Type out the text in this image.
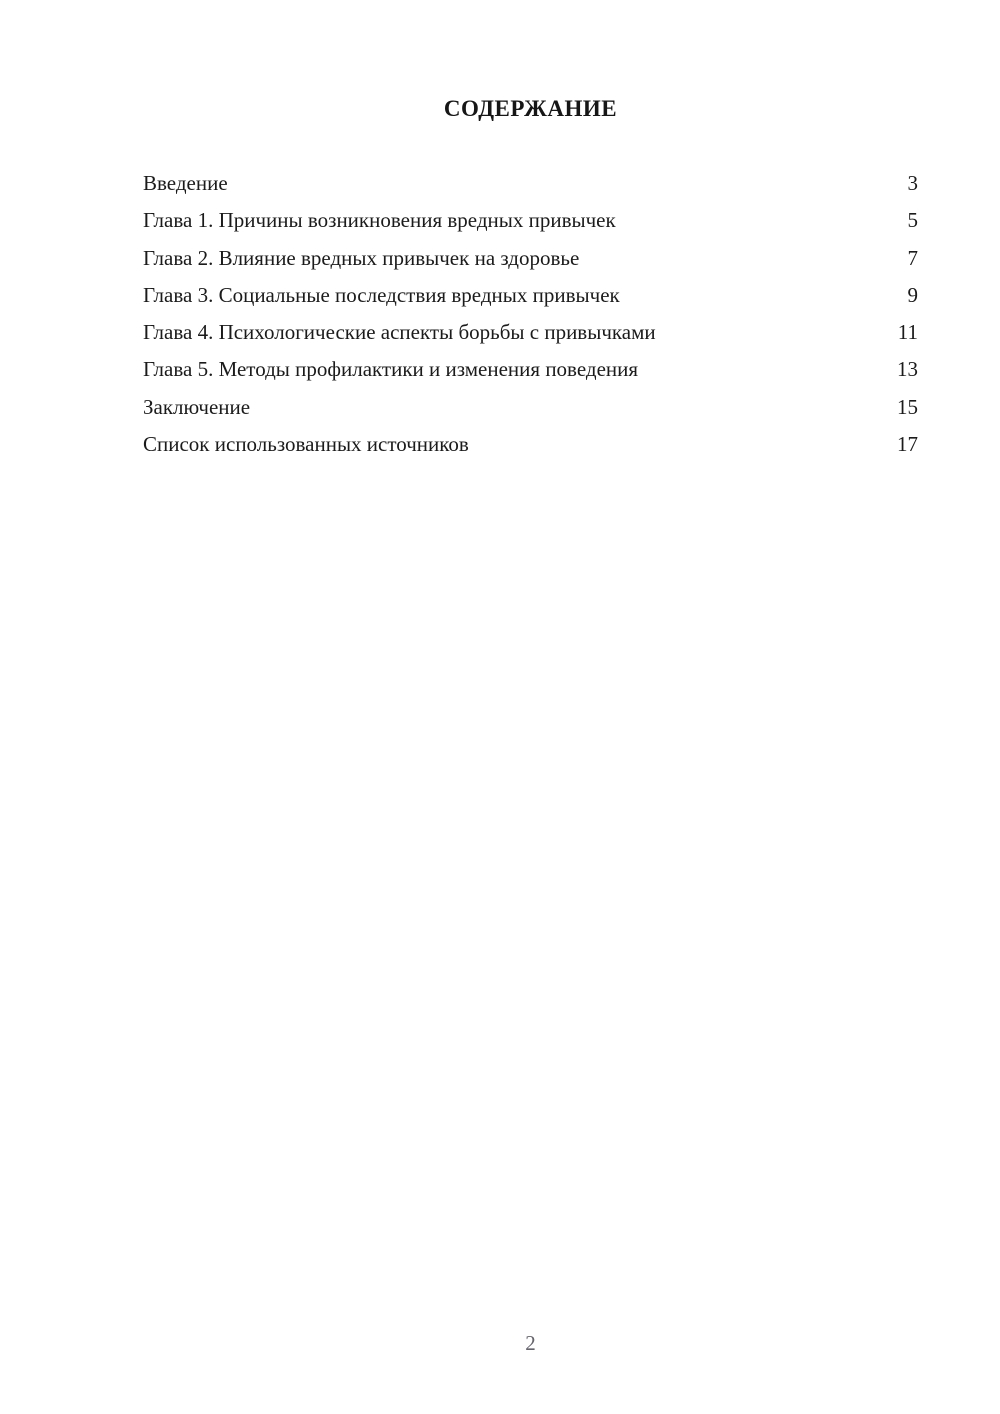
СОДЕРЖАНИЕ
Введение	3
Глава 1. Причины возникновения вредных привычек	5
Глава 2. Влияние вредных привычек на здоровье	7
Глава 3. Социальные последствия вредных привычек	9
Глава 4. Психологические аспекты борьбы с привычками	11
Глава 5. Методы профилактики и изменения поведения	13
Заключение	15
Список использованных источников	17
2
